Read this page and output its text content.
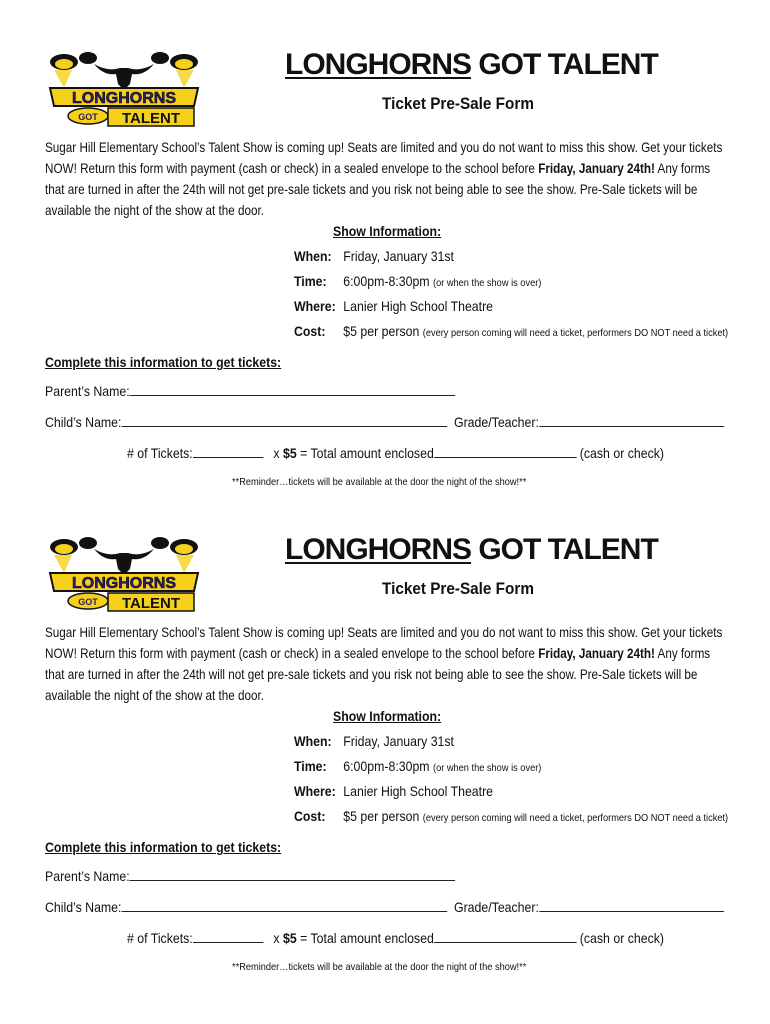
LONGHORNS
GOT TALENT
LONGHORNS GOT TALENT
Ticket Pre-Sale Form
Sugar Hill Elementary School’s Talent Show is coming up! Seats are limited and you do not want to miss this show. Get your tickets NOW! Return this form with payment (cash or check) in a sealed envelope to the school before Friday, January 24th! Any forms that are turned in after the 24th will not get pre-sale tickets and you risk not being able to see the show. Pre-Sale tickets will be available the night of the show at the door.
Show Information:
When: Friday, January 31st
Time: 6:00pm-8:30pm (or when the show is over)
Where: Lanier High School Theatre
Cost: $5 per person (every person coming will need a ticket, performers DO NOT need a ticket)
Complete this information to get tickets:
Parent’s Name:
Child’s Name:	Grade/Teacher:
# of Tickets:	x $5 = Total amount enclosed	(cash or check)
**Reminder…tickets will be available at the door the night of the show!**
LONGHORNS
GOT TALENT
LONGHORNS GOT TALENT
Ticket Pre-Sale Form
Sugar Hill Elementary School’s Talent Show is coming up! Seats are limited and you do not want to miss this show. Get your tickets NOW! Return this form with payment (cash or check) in a sealed envelope to the school before Friday, January 24th! Any forms that are turned in after the 24th will not get pre-sale tickets and you risk not being able to see the show. Pre-Sale tickets will be available the night of the show at the door.
Show Information:
When: Friday, January 31st
Time: 6:00pm-8:30pm (or when the show is over)
Where: Lanier High School Theatre
Cost: $5 per person (every person coming will need a ticket, performers DO NOT need a ticket)
Complete this information to get tickets:
Parent’s Name:
Child’s Name:	Grade/Teacher:
# of Tickets:	x $5 = Total amount enclosed	(cash or check)
**Reminder…tickets will be available at the door the night of the show!**
